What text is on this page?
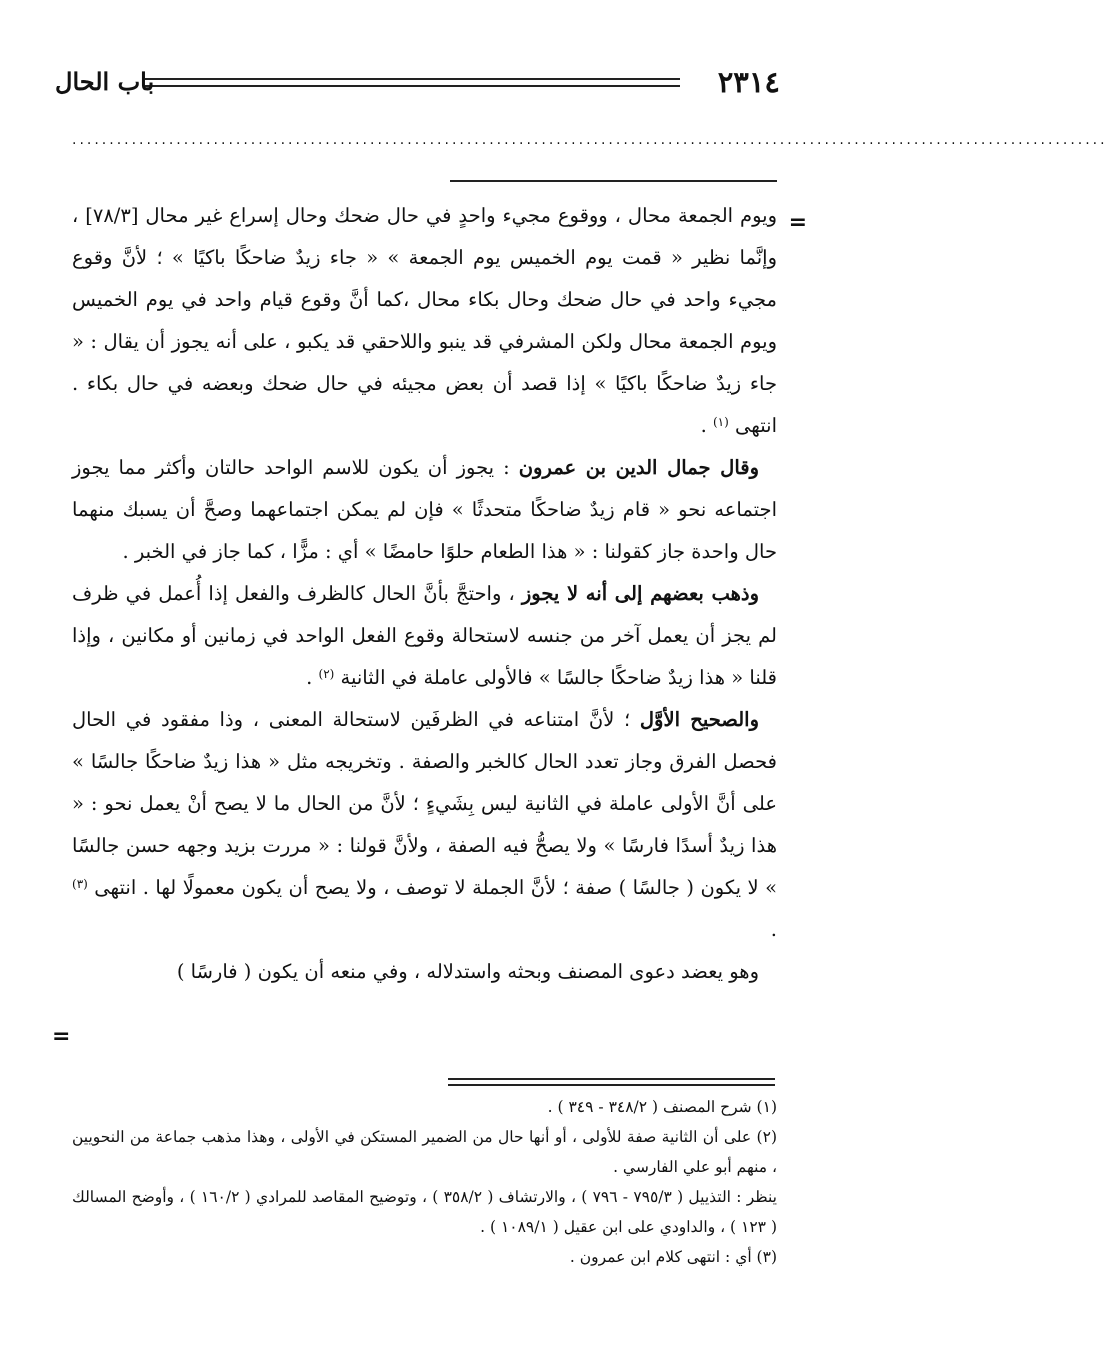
٢٣١٤
باب الحال
...........................................................................................................................................
=

ويوم الجمعة محال ، ووقوع مجيء واحدٍ في حال ضحك وحال إسراع غير محال [٧٨/٣] ، وإنَّما نظير « قمت يوم الخميس يوم الجمعة » « جاء زيدٌ ضاحكًا باكيًا » ؛ لأنَّ وقوع مجيء واحد في حال ضحك وحال بكاء محال ،كما أنَّ وقوع قيام واحد في يوم الخميس ويوم الجمعة محال ولكن المشرفي قد ينبو واللاحقي قد يكبو ، على أنه يجوز أن يقال : « جاء زيدٌ ضاحكًا باكيًا » إذا قصد أن بعض مجيئه في حال ضحك وبعضه في حال بكاء . انتهى $^{(١)}$ .

وقال جمال الدين بن عمرون : يجوز أن يكون للاسم الواحد حالتان وأكثر مما يجوز اجتماعه نحو « قام زيدٌ ضاحكًا متحدثًا » فإن لم يمكن اجتماعهما وصحَّ أن يسبك منهما حال واحدة جاز كقولنا : « هذا الطعام حلوًا حامضًا » أي : مزًّا ، كما جاز في الخبر .

وذهب بعضهم إلى أنه لا يجوز ، واحتجَّ بأنَّ الحال كالظرف والفعل إذا أُعمل في ظرف لم يجز أن يعمل آخر من جنسه لاستحالة وقوع الفعل الواحد في زمانين أو مكانين ، وإذا قلنا « هذا زيدٌ ضاحكًا جالسًا » فالأولى عاملة في الثانية $^{(٢)}$ .

والصحيح الأوَّل ؛ لأنَّ امتناعه في الظرفَين لاستحالة المعنى ، وذا مفقود في الحال فحصل الفرق وجاز تعدد الحال كالخبر والصفة . وتخريجه مثل « هذا زيدٌ ضاحكًا جالسًا » على أنَّ الأولى عاملة في الثانية ليس بِشَيءٍ ؛ لأنَّ من الحال ما لا يصح أنْ يعمل نحو : « هذا زيدٌ أسدًا فارسًا » ولا يصحُّ فيه الصفة ، ولأنَّ قولنا : « مررت بزيد وجهه حسن جالسًا » لا يكون ( جالسًا ) صفة ؛ لأنَّ الجملة لا توصف ، ولا يصح أن يكون معمولًا لها . انتهى $^{(٣)}$ .

وهو يعضد دعوى المصنف وبحثه واستدلاله ، وفي منعه أن يكون ( فارسًا )

=

(١) شرح المصنف ( ٣٤٨/٢ - ٣٤٩ ) .

(٢) على أن الثانية صفة للأولى ، أو أنها حال من الضمير المستكن في الأولى ، وهذا مذهب جماعة من النحويين ، منهم أبو علي الفارسي .

ينظر : التذييل ( ٧٩٥/٣ - ٧٩٦ ) ، والارتشاف ( ٣٥٨/٢ ) ، وتوضيح المقاصد للمرادي ( ١٦٠/٢ ) ، وأوضح المسالك ( ١٢٣ ) ، والداودي على ابن عقيل ( ١٠٨٩/١ ) .

(٣) أي : انتهى كلام ابن عمرون .
